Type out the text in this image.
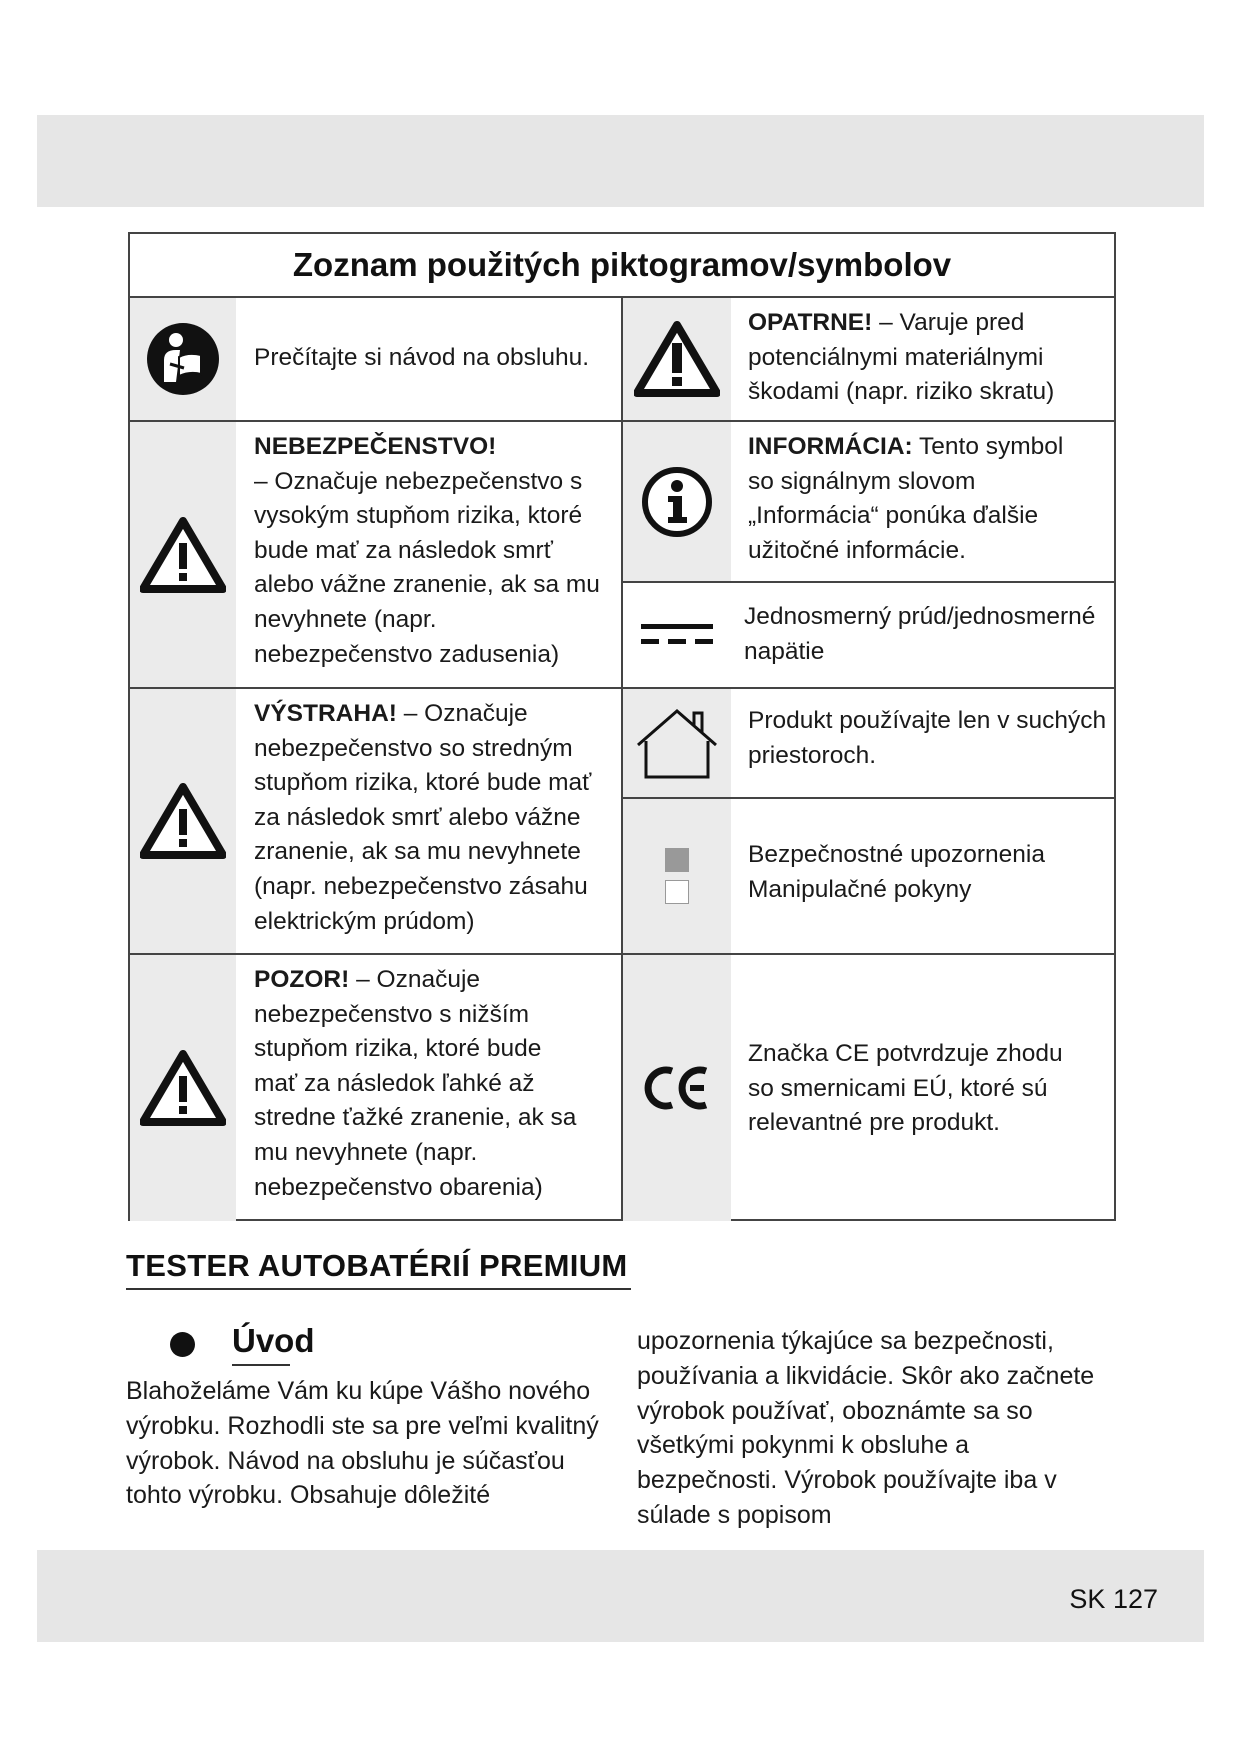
Zoznam použitých piktogramov/symbolov
Prečítajte si návod na obsluhu.
NEBEZPEČENSTVO!
– Označuje nebezpečenstvo s vysokým stupňom rizika, ktoré bude mať za následok smrť alebo vážne zranenie, ak sa mu nevyhnete (napr. nebezpečenstvo zadusenia)
VÝSTRAHA! – Označuje nebezpečenstvo so stredným stupňom rizika, ktoré bude mať za následok smrť alebo vážne zranenie, ak sa mu nevyhnete (napr. nebezpečenstvo zásahu elektrickým prúdom)
POZOR! – Označuje nebezpečenstvo s nižším stupňom rizika, ktoré bude mať za následok ľahké až stredne ťažké zranenie, ak sa mu nevyhnete (napr. nebezpečenstvo obarenia)
OPATRNE! – Varuje pred potenciálnymi materiálnymi škodami (napr. riziko skratu)
INFORMÁCIA: Tento symbol so signálnym slovom „Informácia“ ponúka ďalšie užitočné informácie.
Jednosmerný prúd/jednosmerné napätie
Produkt používajte len v suchých priestoroch.
Bezpečnostné upozornenia
Manipulačné pokyny
Značka CE potvrdzuje zhodu so smernicami EÚ, ktoré sú relevantné pre produkt.
TESTER AUTOBATÉRIÍ PREMIUM
Úvod
Blahoželáme Vám ku kúpe Vášho nového výrobku. Rozhodli ste sa pre veľmi kvalitný výrobok. Návod na obsluhu je súčasťou tohto výrobku. Obsahuje dôležité
upozornenia týkajúce sa bezpečnosti, používania a likvidácie. Skôr ako začnete výrobok používať, oboznámte sa so všetkými pokynmi k obsluhe a bezpečnosti. Výrobok používajte iba v súlade s popisom
SK 127
